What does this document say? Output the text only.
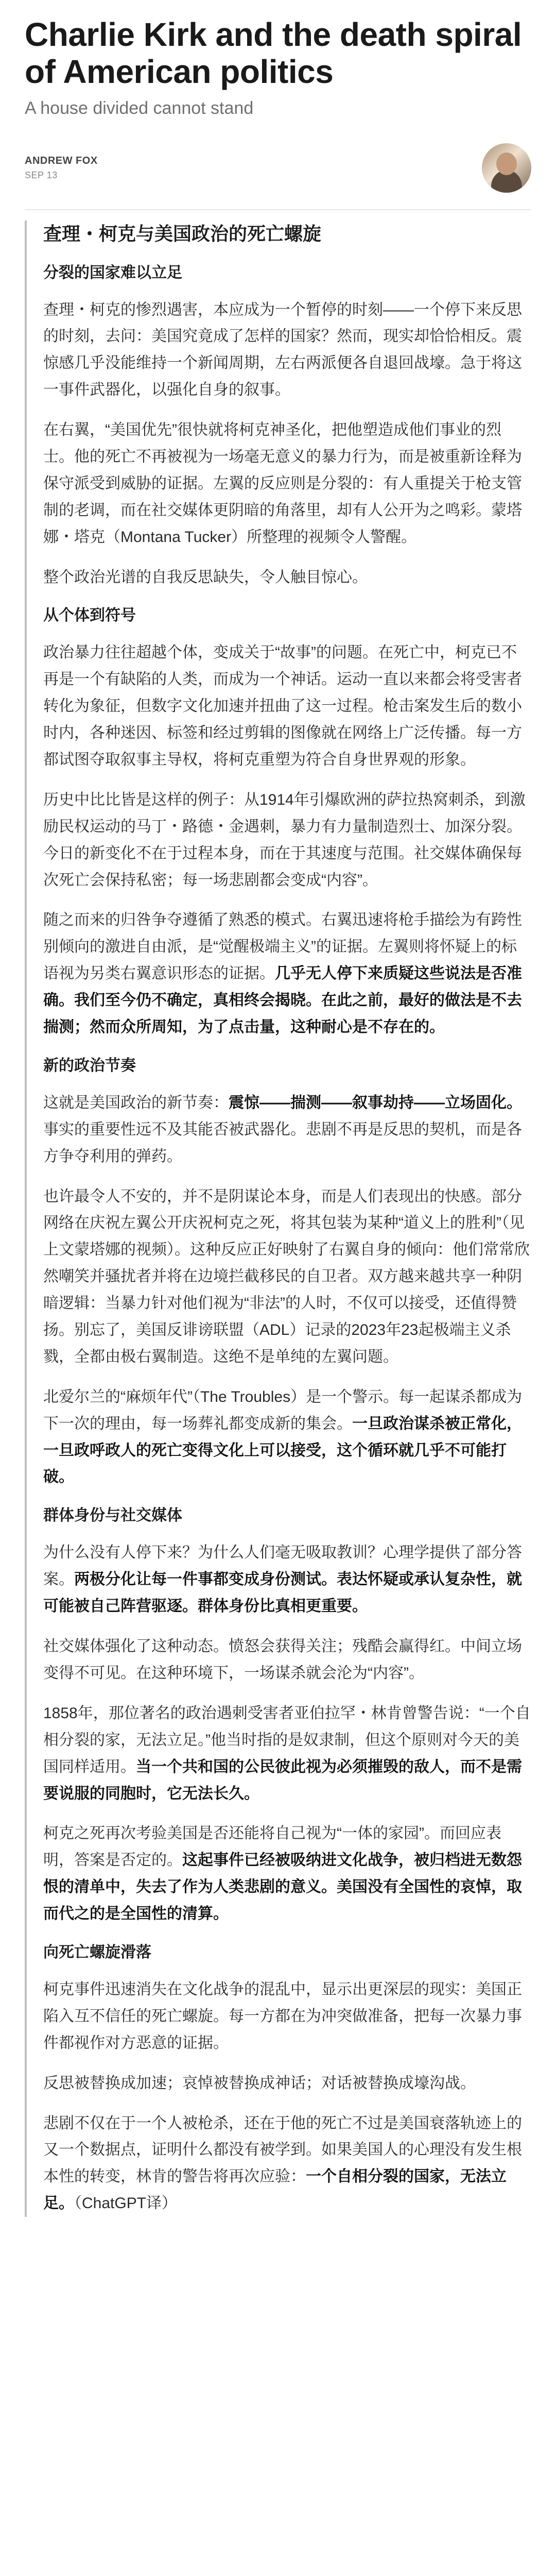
Charlie Kirk and the death spiral of American politics
A house divided cannot stand
ANDREW FOX
SEP 13
查理・柯克与美国政治的死亡螺旋
分裂的国家难以立足
查理・柯克的惨烈遇害，本应成为一个暂停的时刻——一个停下来反思的时刻，去问：美国究竟成了怎样的国家？然而，现实却恰恰相反。震惊感几乎没能维持一个新闻周期，左右两派便各自退回战壕。急于将这一事件武器化，以强化自身的叙事。
在右翼，“美国优先”很快就将柯克神圣化，把他塑造成他们事业的烈士。他的死亡不再被视为一场毫无意义的暴力行为，而是被重新诠释为保守派受到威胁的证据。左翼的反应则是分裂的：有人重提关于枪支管制的老调，而在社交媒体更阴暗的角落里，却有人公开为之鸣彩。蒙塔娜・塔克（Montana Tucker）所整理的视频令人警醒。
整个政治光谱的自我反思缺失，令人触目惊心。
从个体到符号
政治暴力往往超越个体，变成关于“故事”的问题。在死亡中，柯克已不再是一个有缺陷的人类，而成为一个神话。运动一直以来都会将受害者转化为象征，但数字文化加速并扭曲了这一过程。枪击案发生后的数小时内，各种迷因、标签和经过剪辑的图像就在网络上广泛传播。每一方都试图夺取叙事主导权，将柯克重塑为符合自身世界观的形象。
历史中比比皆是这样的例子：从1914年引爆欧洲的萨拉热窝刺杀，到激励民权运动的马丁・路德・金遇刺，暴力有力量制造烈士、加深分裂。今日的新变化不在于过程本身，而在于其速度与范围。社交媒体确保每次死亡会保持私密；每一场悲剧都会变成“内容”。
随之而来的归咎争夺遵循了熟悉的模式。右翼迅速将枪手描绘为有跨性别倾向的激进自由派，是“觉醒极端主义”的证据。左翼则将怀疑上的标语视为另类右翼意识形态的证据。几乎无人停下来质疑这些说法是否准确。我们至今仍不确定，真相终会揭晓。在此之前，最好的做法是不去揣测；然而众所周知，为了点击量，这种耐心是不存在的。
新的政治节奏
这就是美国政治的新节奏：震惊——揣测——叙事劫持——立场固化。事实的重要性远不及其能否被武器化。悲剧不再是反思的契机，而是各方争夺利用的弹药。
也许最令人不安的，并不是阴谋论本身，而是人们表现出的快感。部分网络在庆祝左翼公开庆祝柯克之死，将其包装为某种“道义上的胜利”（见上文蒙塔娜的视频）。这种反应正好映射了右翼自身的倾向：他们常常欣然嘲笑并骚扰者并将在边境拦截移民的自卫者。双方越来越共享一种阴暗逻辑：当暴力针对他们视为“非法”的人时，不仅可以接受，还值得赞扬。别忘了，美国反诽谤联盟（ADL）记录的2023年23起极端主义杀戮，全都由极右翼制造。这绝不是单纯的左翼问题。
北爱尔兰的“麻烦年代”（The Troubles）是一个警示。每一起谋杀都成为下一次的理由，每一场葬礼都变成新的集会。一旦政治谋杀被正常化，一旦政呼政人的死亡变得文化上可以接受，这个循环就几乎不可能打破。
群体身份与社交媒体
为什么没有人停下来？为什么人们毫无吸取教训？心理学提供了部分答案。两极分化让每一件事都变成身份测试。表达怀疑或承认复杂性，就可能被自己阵营驱逐。群体身份比真相更重要。
社交媒体强化了这种动态。愤怒会获得关注；残酷会赢得红。中间立场变得不可见。在这种环境下，一场谋杀就会沦为“内容”。
1858年，那位著名的政治遇刺受害者亚伯拉罕・林肯曾警告说：“一个自相分裂的家，无法立足。”他当时指的是奴隶制，但这个原则对今天的美国同样适用。当一个共和国的公民彼此视为必须摧毁的敌人，而不是需要说服的同胞时，它无法长久。
柯克之死再次考验美国是否还能将自己视为“一体的家园”。而回应表明，答案是否定的。这起事件已经被吸纳进文化战争，被归档进无数怨恨的清单中，失去了作为人类悲剧的意义。美国没有全国性的哀悼，取而代之的是全国性的清算。
向死亡螺旋滑落
柯克事件迅速消失在文化战争的混乱中，显示出更深层的现实：美国正陷入互不信任的死亡螺旋。每一方都在为冲突做准备，把每一次暴力事件都视作对方恶意的证据。
反思被替换成加速；哀悼被替换成神话；对话被替换成壕沟战。
悲剧不仅在于一个人被枪杀，还在于他的死亡不过是美国衰落轨迹上的又一个数据点，证明什么都没有被学到。如果美国人的心理没有发生根本性的转变，林肯的警告将再次应验：一个自相分裂的国家，无法立足。（ChatGPT译）
